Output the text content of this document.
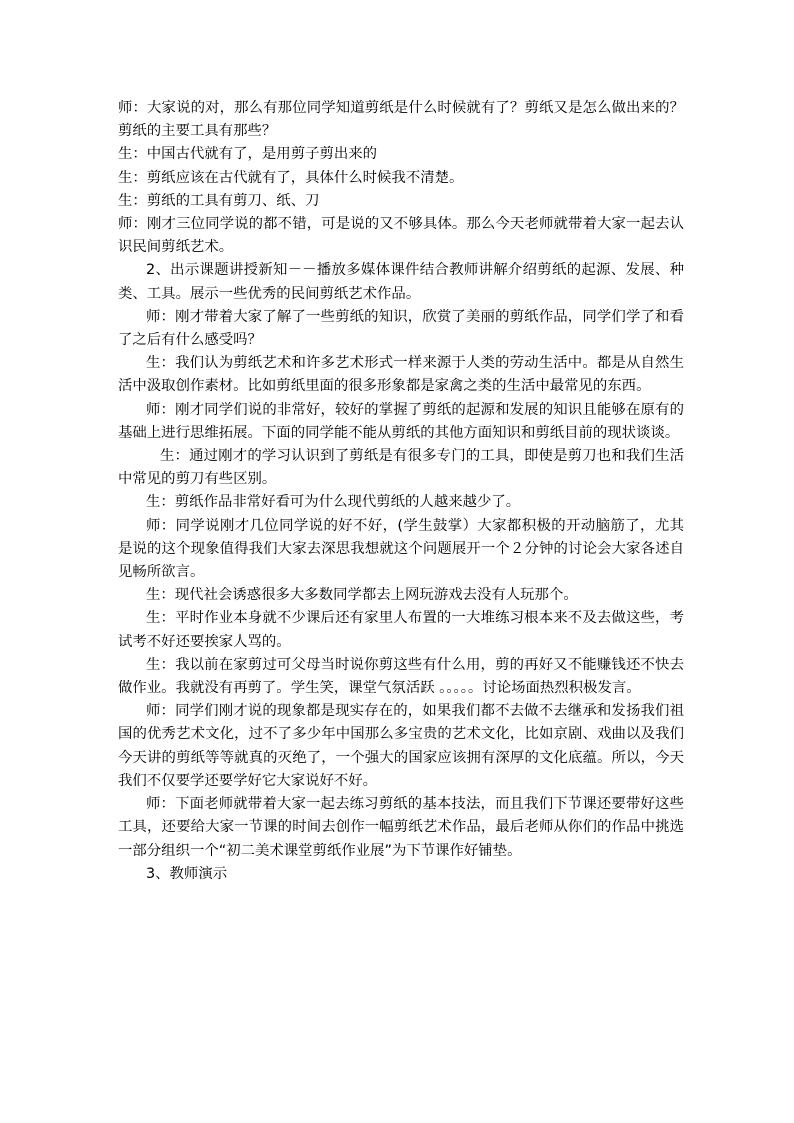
师：大家说的对，那么有那位同学知道剪纸是什么时候就有了？剪纸又是怎么做出来的？ 剪纸的主要工具有那些？

生：中国古代就有了，是用剪子剪出来的

生：剪纸应该在古代就有了，具体什么时候我不清楚。

生：剪纸的工具有剪刀、纸、刀

师：刚才三位同学说的都不错，可是说的又不够具体。那么今天老师就带着大家一起去认识民间剪纸艺术。

2、出示课题讲授新知－－播放多媒体课件结合教师讲解介绍剪纸的起源、发展、种类、工具。展示一些优秀的民间剪纸艺术作品。

师：刚才带着大家了解了一些剪纸的知识，欣赏了美丽的剪纸作品，同学们学了和看了之后有什么感受吗？

生：我们认为剪纸艺术和许多艺术形式一样来源于人类的劳动生活中。都是从自然生活中汲取创作素材。比如剪纸里面的很多形象都是家禽之类的生活中最常见的东西。

师：刚才同学们说的非常好，较好的掌握了剪纸的起源和发展的知识且能够在原有的基础上进行思维拓展。下面的同学能不能从剪纸的其他方面知识和剪纸目前的现状谈谈。

生：通过刚才的学习认识到了剪纸是有很多专门的工具，即使是剪刀也和我们生活中常见的剪刀有些区别。

生：剪纸作品非常好看可为什么现代剪纸的人越来越少了。

师：同学说刚才几位同学说的好不好，(学生鼓掌）大家都积极的开动脑筋了，尤其是说的这个现象值得我们大家去深思我想就这个问题展开一个２分钟的讨论会大家各述自见畅所欲言。

生：现代社会诱惑很多大多数同学都去上网玩游戏去没有人玩那个。

生：平时作业本身就不少课后还有家里人布置的一大堆练习根本来不及去做这些，考试考不好还要挨家人骂的。

生：我以前在家剪过可父母当时说你剪这些有什么用，剪的再好又不能赚钱还不快去做作业。我就没有再剪了。学生笑，课堂气氛活跃 。。。。。讨论场面热烈积极发言。

师：同学们刚才说的现象都是现实存在的，如果我们都不去做不去继承和发扬我们祖国的优秀艺术文化，过不了多少年中国那么多宝贵的艺术文化，比如京剧、戏曲以及我们今天讲的剪纸等等就真的灭绝了，一个强大的国家应该拥有深厚的文化底蕴。所以，今天我们不仅要学还要学好它大家说好不好。

师：下面老师就带着大家一起去练习剪纸的基本技法，而且我们下节课还要带好这些工具，还要给大家一节课的时间去创作一幅剪纸艺术作品，最后老师从你们的作品中挑选一部分组织一个“初二美术课堂剪纸作业展”为下节课作好铺垫。

3、教师演示
